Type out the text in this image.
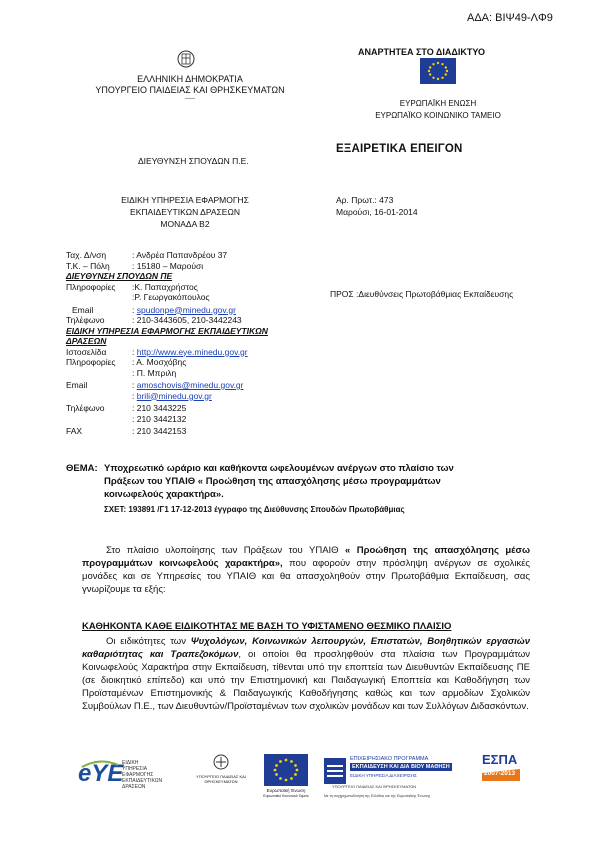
ΑΔΑ: ΒΙΨ49-ΛΦ9
ΕΛΛΗΝΙΚΗ ΔΗΜΟΚΡΑΤΙΑ
ΥΠΟΥΡΓΕΙΟ ΠΑΙΔΕΙΑΣ ΚΑΙ ΘΡΗΣΚΕΥΜΑΤΩΝ
-----
ΑΝΑΡΤΗΤΕΑ ΣΤΟ ΔΙΑΔΙΚΤΥΟ
ΕΥΡΩΠΑΪΚΗ ΕΝΩΣΗ
ΕΥΡΩΠΑΪΚΟ ΚΟΙΝΩΝΙΚΟ ΤΑΜΕΙΟ
ΕΞΑΙΡΕΤΙΚΑ ΕΠΕΙΓΟΝ
ΔΙΕΥΘΥΝΣΗ ΣΠΟΥΔΩΝ Π.Ε.
ΕΙΔΙΚΗ ΥΠΗΡΕΣΙΑ ΕΦΑΡΜΟΓΗΣ
ΕΚΠΑΙΔΕΥΤΙΚΩΝ ΔΡΑΣΕΩΝ
ΜΟΝΑΔΑ Β2
Αρ. Πρωτ.: 473
Μαρούσι, 16-01-2014
Ταχ. Δ/νση	: Ανδρέα Παπανδρέου 37
Τ.Κ. – Πόλη	: 15180 – Μαρούσι
ΔΙΕΥΘΥΝΣΗ ΣΠΟΥΔΩΝ ΠΕ
Πληροφορίες :Κ. Παπαχρήστος
:Ρ. Γεωργακόπουλος
Email	: spudonpe@minedu.gov.gr
Τηλέφωνο	: 210-3443605, 210-3442243
ΕΙΔΙΚΗ ΥΠΗΡΕΣΙΑ ΕΦΑΡΜΟΓΗΣ ΕΚΠΑΙΔΕΥΤΙΚΩΝ
ΔΡΑΣΕΩΝ
Ιστοσελίδα	: http://www.eye.minedu.gov.gr
Πληροφορίες : Α. Μοσχόβης
: Π. Μπριλη
Email	: amoschovis@minedu.gov.gr
: brili@minedu.gov.gr
Τηλέφωνο	: 210 3443225
: 210 3442132
FAX	: 210 3442153
ΠΡΟΣ :Διευθύνσεις Πρωτοβάθμιας Εκπαίδευσης
ΘΕΜΑ: Υποχρεωτικό ωράριο και καθήκοντα ωφελουμένων ανέργων στο πλαίσιο των
Πράξεων του ΥΠΑΙΘ « Προώθηση της απασχόλησης μέσω προγραμμάτων
κοινωφελούς χαρακτήρα».
ΣΧΕΤ: 193891 /Γ1 17-12-2013 έγγραφο της Διεύθυνσης Σπουδών Πρωτοβάθμιας
Στο πλαίσιο υλοποίησης των Πράξεων του ΥΠΑΙΘ « Προώθηση της απασχόλησης μέσω προγραμμάτων κοινωφελούς χαρακτήρα», που αφορούν στην πρόσληψη ανέργων σε σχολικές μονάδες και σε Υπηρεσίες του ΥΠΑΙΘ και θα απασχοληθούν στην Πρωτοβάθμια Εκπαίδευση, σας γνωρίζουμε τα εξής:
ΚΑΘΗΚΟΝΤΑ ΚΑΘΕ ΕΙΔΙΚΟΤΗΤΑΣ ΜΕ ΒΑΣΗ ΤΟ ΥΦΙΣΤΑΜΕΝΟ ΘΕΣΜΙΚΟ ΠΛΑΙΣΙΟ
Οι ειδικότητες των Ψυχολόγων, Κοινωνικών λειτουργών, Επιστατών, Βοηθητικών εργασιών καθαριότητας και Τραπεζοκόμων, οι οποίοι θα προσληφθούν στα πλαίσια των Προγραμμάτων Κοινωφελούς Χαρακτήρα στην Εκπαίδευση, τίθενται υπό την εποπτεία των Διευθυντών Εκπαίδευσης ΠΕ (σε διοικητικό επίπεδο) και υπό την Επιστημονική και Παιδαγωγική Εποπτεία και Καθοδήγηση των Προϊσταμένων Επιστημονικής & Παιδαγωγικής Καθοδήγησης καθώς και των αρμοδίων Σχολικών Συμβούλων Π.Ε., των Διευθυντών/Προϊσταμένων των σχολικών μονάδων και των Συλλόγων Διδασκόντων.
eYE
ΕΙΔΙΚΗ
ΥΠΗΡΕΣΙΑ
ΕΦΑΡΜΟΓΗΣ
ΕΚΠΑΙΔΕΥΤΙΚΩΝ
ΔΡΑΣΕΩΝ
ΥΠΟΥΡΓΕΙΟ ΠΑΙΔΕΙΑΣ ΚΑΙ ΘΡΗΣΚΕΥΜΑΤΩΝ
Ευρωπαϊκή Ένωση
Ευρωπαϊκό Κοινωνικό Ταμείο
ΕΠΙΧΕΙΡΗΣΙΑΚΟ ΠΡΟΓΡΑΜΜΑ
ΕΚΠΑΙΔΕΥΣΗ ΚΑΙ ΔΙΑ ΒΙΟΥ ΜΑΘΗΣΗ
ΕΙΔΙΚΗ ΥΠΗΡΕΣΙΑ ΔΙΑΧΕΙΡΙΣΗΣ
ΥΠΟΥΡΓΕΙΟ ΠΑΙΔΕΙΑΣ ΚΑΙ ΘΡΗΣΚΕΥΜΑΤΩΝ
Με τη συγχρηματοδότηση της Ελλάδας και της Ευρωπαϊκής Ένωσης
ΕΣΠΑ
2007-2013
